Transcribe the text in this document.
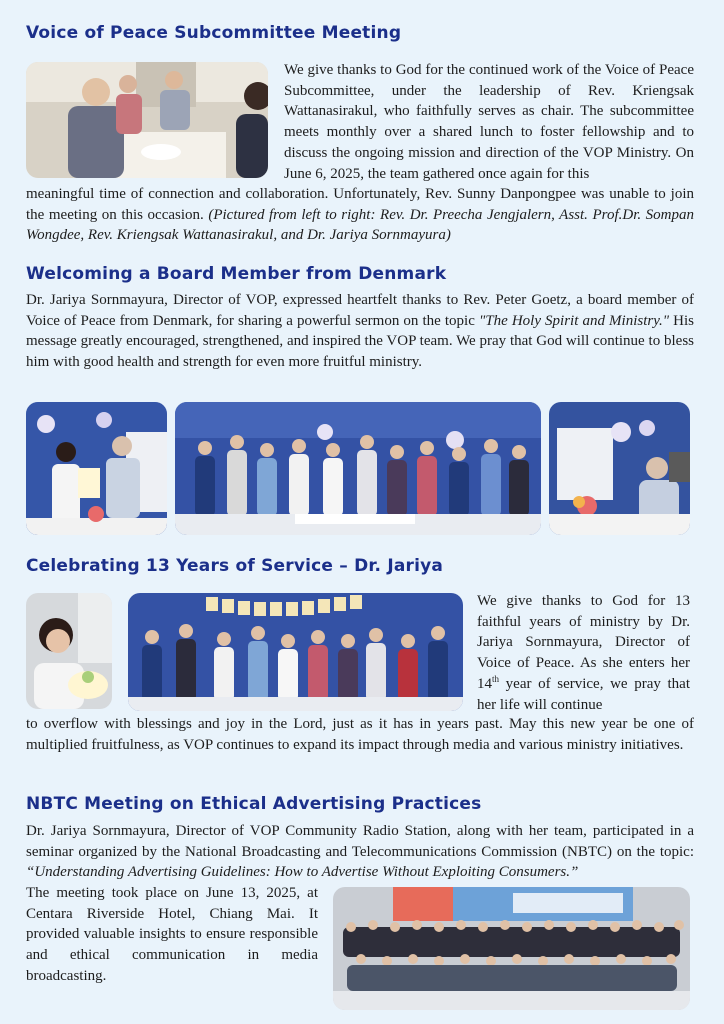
Voice of Peace Subcommittee Meeting

We give thanks to God for the continued work of the Voice of Peace Subcommittee, under the leadership of Rev. Kriengsak Wattanasirakul, who faithfully serves as chair. The subcommittee meets monthly over a shared lunch to foster fellowship and to discuss the ongoing mission and direction of the VOP Ministry. On June 6, 2025, the team gathered once again for this

meaningful time of connection and collaboration. Unfortunately, Rev. Sunny Danpongpee was unable to join the meeting on this occasion. (Pictured from left to right: Rev. Dr. Preecha Jengjalern, Asst. Prof.Dr. Sompan Wongdee, Rev. Kriengsak Wattanasirakul, and Dr. Jariya Sornmayura)

Welcoming a Board Member from Denmark

Dr. Jariya Sornmayura, Director of VOP, expressed heartfelt thanks to Rev. Peter Goetz, a board member of Voice of Peace from Denmark, for sharing a powerful sermon on the topic "The Holy Spirit and Ministry." His message greatly encouraged, strengthened, and inspired the VOP team. We pray that God will continue to bless him with good health and strength for even more fruitful ministry.

Celebrating 13 Years of Service – Dr. Jariya

We give thanks to God for 13 faithful years of ministry by Dr. Jariya Sornmayura, Director of Voice of Peace. As she enters her 14th year of service, we pray that her life will continue

to overflow with blessings and joy in the Lord, just as it has in years past. May this new year be one of multiplied fruitfulness, as VOP continues to expand its impact through media and various ministry initiatives.

NBTC Meeting on Ethical Advertising Practices

Dr. Jariya Sornmayura, Director of VOP Community Radio Station, along with her team, participated in a seminar organized by the National Broadcasting and Telecommunications Commission (NBTC) on the topic: “Understanding Advertising Guidelines: How to Advertise Without Exploiting Consumers.”

The meeting took place on June 13, 2025, at Centara Riverside Hotel, Chiang Mai. It provided valuable insights to ensure responsible and ethical communication in media broadcasting.
